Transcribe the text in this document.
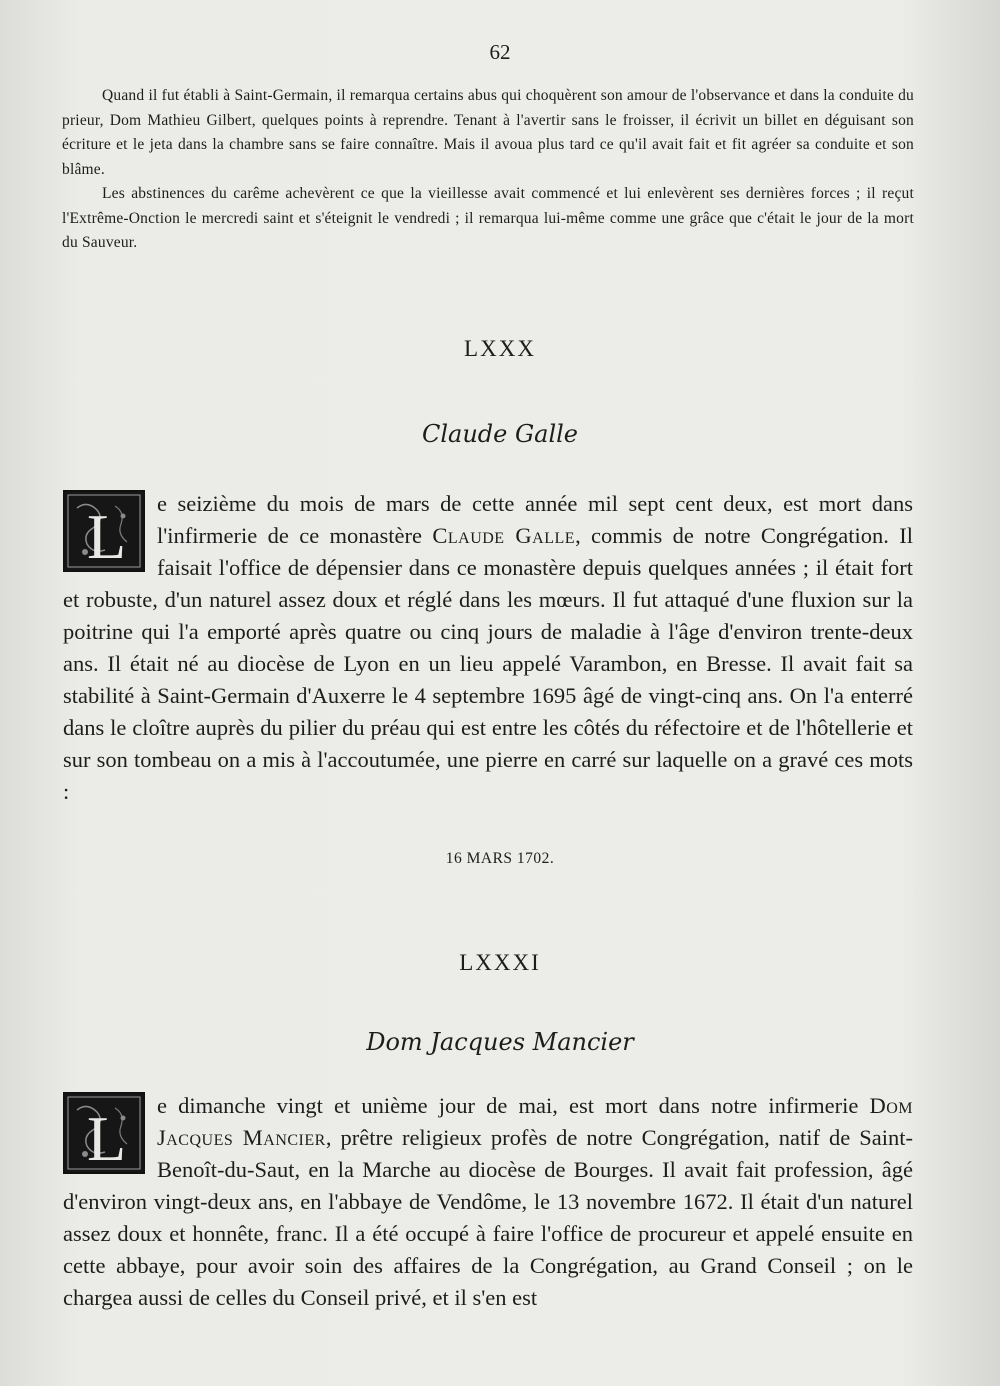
62

Quand il fut établi à Saint-Germain, il remarqua certains abus qui choquèrent son amour de l'observance et dans la conduite du prieur, Dom Mathieu Gilbert, quelques points à reprendre. Tenant à l'avertir sans le froisser, il écrivit un billet en déguisant son écriture et le jeta dans la chambre sans se faire connaître. Mais il avoua plus tard ce qu'il avait fait et fit agréer sa conduite et son blâme.

Les abstinences du carême achevèrent ce que la vieillesse avait commencé et lui enlevèrent ses dernières forces ; il reçut l'Extrême-Onction le mercredi saint et s'éteignit le vendredi ; il remarqua lui-même comme une grâce que c'était le jour de la mort du Sauveur.

LXXX
Claude Galle

L e seizième du mois de mars de cette année mil sept cent deux, est mort dans l'infirmerie de ce monastère Claude Galle, commis de notre Congrégation. Il faisait l'office de dépensier dans ce monastère depuis quelques années ; il était fort et robuste, d'un naturel assez doux et réglé dans les mœurs. Il fut attaqué d'une fluxion sur la poitrine qui l'a emporté après quatre ou cinq jours de maladie à l'âge d'environ trente-deux ans. Il était né au diocèse de Lyon en un lieu appelé Varambon, en Bresse. Il avait fait sa stabilité à Saint-Germain d'Auxerre le 4 septembre 1695 âgé de vingt-cinq ans. On l'a enterré dans le cloître auprès du pilier du préau qui est entre les côtés du réfectoire et de l'hôtellerie et sur son tombeau on a mis à l'accoutumée, une pierre en carré sur laquelle on a gravé ces mots :

16 MARS 1702.
LXXXI
Dom Jacques Mancier

L e dimanche vingt et unième jour de mai, est mort dans notre infirmerie Dom Jacques Mancier, prêtre religieux profès de notre Congrégation, natif de Saint-Benoît-du-Saut, en la Marche au diocèse de Bourges. Il avait fait profession, âgé d'environ vingt-deux ans, en l'abbaye de Vendôme, le 13 novembre 1672. Il était d'un naturel assez doux et honnête, franc. Il a été occupé à faire l'office de procureur et appelé ensuite en cette abbaye, pour avoir soin des affaires de la Congrégation, au Grand Conseil ; on le chargea aussi de celles du Conseil privé, et il s'en est
